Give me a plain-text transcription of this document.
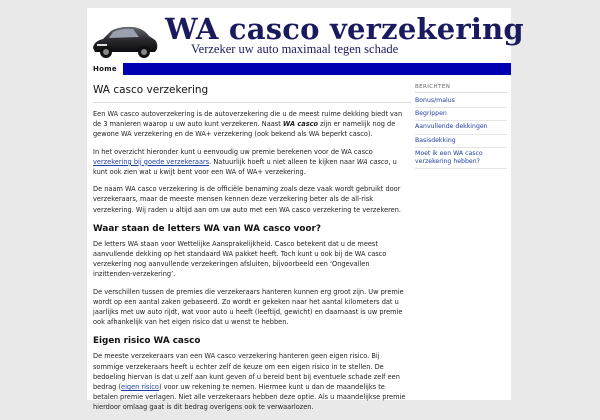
WA casco verzekering
Verzeker uw auto maximaal tegen schade
Home
WA casco verzekering

Een WA casco autoverzekering is de autoverzekering die u de meest ruime dekking biedt van de 3 manieren waarop u uw auto kunt verzekeren. Naast WA casco zijn er namelijk nog de gewone WA verzekering en de WA+ verzekering (ook bekend als WA beperkt casco).

In het overzicht hieronder kunt u eenvoudig uw premie berekenen voor de WA casco verzekering bij goede verzekeraars. Natuurlijk hoeft u niet alleen te kijken naar WA casco, u kunt ook zien wat u kwijt bent voor een WA of WA+ verzekering.

De naam WA casco verzekering is de officiële benaming zoals deze vaak wordt gebruikt door verzekeraars, maar de meeste mensen kennen deze verzekering beter als de all-risk verzekering. Wij raden u altijd aan om uw auto met een WA casco verzekering te verzekeren.

Waar staan de letters WA van WA casco voor?

De letters WA staan voor Wettelijke Aansprakelijkheid. Casco betekent dat u de meest aanvullende dekking op het standaard WA pakket heeft. Toch kunt u ook bij de WA casco verzekering nog aanvullende verzekeringen afsluiten, bijvoorbeeld een ‘Ongevallen inzittenden-verzekering’.

De verschillen tussen de premies die verzekeraars hanteren kunnen erg groot zijn. Uw premie wordt op een aantal zaken gebaseerd. Zo wordt er gekeken naar het aantal kilometers dat u jaarlijks met uw auto rijdt, wat voor auto u heeft (leeftijd, gewicht) en daarnaast is uw premie ook afhankelijk van het eigen risico dat u wenst te hebben.

Eigen risico WA casco

De meeste verzekeraars van een WA casco verzekering hanteren geen eigen risico. Bij sommige verzekeraars heeft u echter zelf de keuze om een eigen risico in te stellen. De bedoeling hiervan is dat u zelf aan kunt geven of u bereid bent bij eventuele schade zelf een bedrag (eigen risico) voor uw rekening te nemen. Hiermee kunt u dan de maandelijks te betalen premie verlagen. Niet alle verzekeraars hebben deze optie. Als u maandelijkse premie hierdoor omlaag gaat is dit bedrag overigens ook te verwaarlozen.

BERICHTEN
Bonus/malus
Begrippen
Aanvullende dekkingen
Basisdekking
Moet ik een WA casco verzekering hebben?
